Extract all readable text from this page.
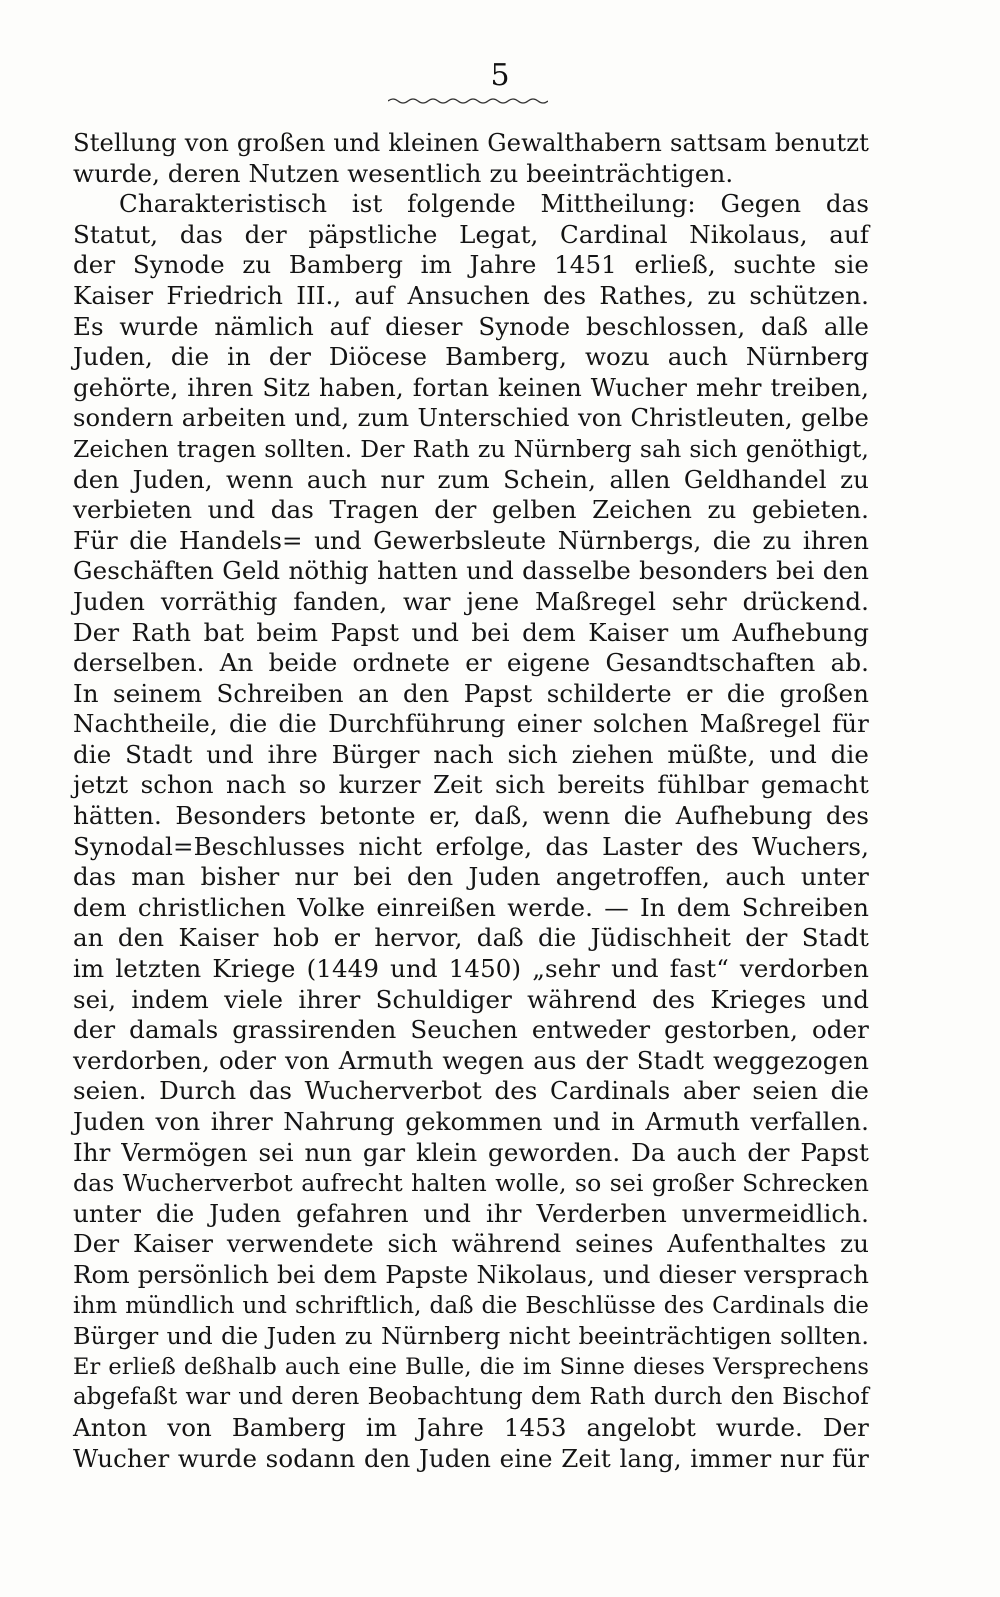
5
Stellung von großen und kleinen Gewalthabern sattsam benutzt
wurde, deren Nutzen wesentlich zu beeinträchtigen.
Charakteristisch ist folgende Mittheilung: Gegen das
Statut, das der päpstliche Legat, Cardinal Nikolaus, auf
der Synode zu Bamberg im Jahre 1451 erließ, suchte sie
Kaiser Friedrich III., auf Ansuchen des Rathes, zu schützen.
Es wurde nämlich auf dieser Synode beschlossen, daß alle
Juden, die in der Diöcese Bamberg, wozu auch Nürnberg
gehörte, ihren Sitz haben, fortan keinen Wucher mehr treiben,
sondern arbeiten und, zum Unterschied von Christleuten, gelbe
Zeichen tragen sollten. Der Rath zu Nürnberg sah sich genöthigt,
den Juden, wenn auch nur zum Schein, allen Geldhandel zu
verbieten und das Tragen der gelben Zeichen zu gebieten.
Für die Handels= und Gewerbsleute Nürnbergs, die zu ihren
Geschäften Geld nöthig hatten und dasselbe besonders bei den
Juden vorräthig fanden, war jene Maßregel sehr drückend.
Der Rath bat beim Papst und bei dem Kaiser um Aufhebung
derselben. An beide ordnete er eigene Gesandtschaften ab.
In seinem Schreiben an den Papst schilderte er die großen
Nachtheile, die die Durchführung einer solchen Maßregel für
die Stadt und ihre Bürger nach sich ziehen müßte, und die
jetzt schon nach so kurzer Zeit sich bereits fühlbar gemacht
hätten. Besonders betonte er, daß, wenn die Aufhebung des
Synodal=Beschlusses nicht erfolge, das Laster des Wuchers,
das man bisher nur bei den Juden angetroffen, auch unter
dem christlichen Volke einreißen werde. — In dem Schreiben
an den Kaiser hob er hervor, daß die Jüdischheit der Stadt
im letzten Kriege (1449 und 1450) „sehr und fast“ verdorben
sei, indem viele ihrer Schuldiger während des Krieges und
der damals grassirenden Seuchen entweder gestorben, oder
verdorben, oder von Armuth wegen aus der Stadt weggezogen
seien. Durch das Wucherverbot des Cardinals aber seien die
Juden von ihrer Nahrung gekommen und in Armuth verfallen.
Ihr Vermögen sei nun gar klein geworden. Da auch der Papst
das Wucherverbot aufrecht halten wolle, so sei großer Schrecken
unter die Juden gefahren und ihr Verderben unvermeidlich.
Der Kaiser verwendete sich während seines Aufenthaltes zu
Rom persönlich bei dem Papste Nikolaus, und dieser versprach
ihm mündlich und schriftlich, daß die Beschlüsse des Cardinals die
Bürger und die Juden zu Nürnberg nicht beeinträchtigen sollten.
Er erließ deßhalb auch eine Bulle, die im Sinne dieses Versprechens
abgefaßt war und deren Beobachtung dem Rath durch den Bischof
Anton von Bamberg im Jahre 1453 angelobt wurde. Der
Wucher wurde sodann den Juden eine Zeit lang, immer nur für
